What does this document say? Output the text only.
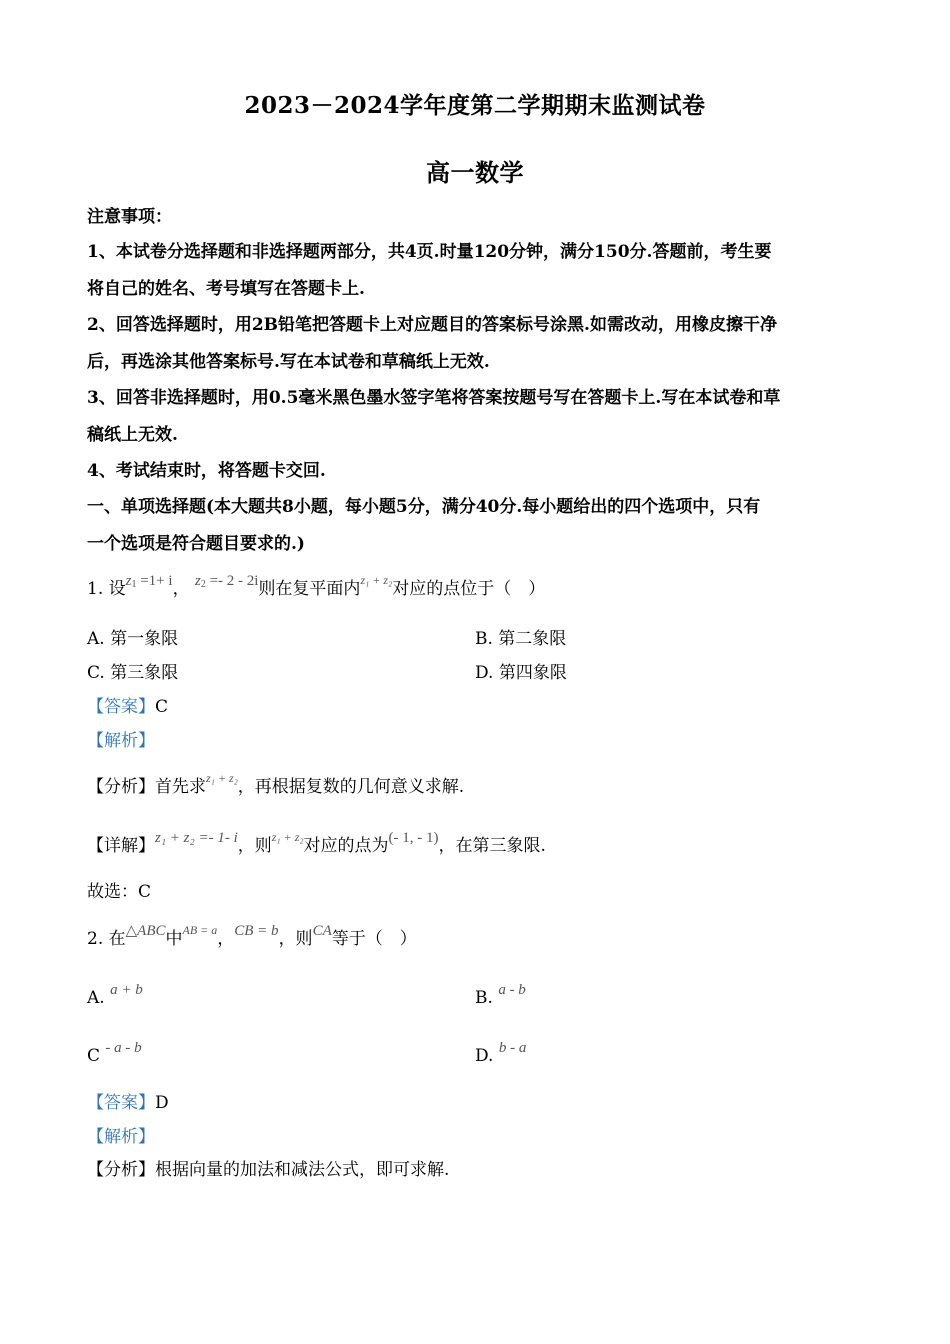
2023－2024学年度第二学期期末监测试卷
高一数学
注意事项：
1、本试卷分选择题和非选择题两部分，共4页.时量120分钟，满分150分.答题前，考生要
将自己的姓名、考号填写在答题卡上.
2、回答选择题时，用2B铅笔把答题卡上对应题目的答案标号涂黑.如需改动，用橡皮擦干净
后，再选涂其他答案标号.写在本试卷和草稿纸上无效.
3、回答非选择题时，用0.5毫米黑色墨水签字笔将答案按题号写在答题卡上.写在本试卷和草
稿纸上无效.
4、考试结束时，将答题卡交回.
一、单项选择题(本大题共8小题，每小题5分，满分40分.每小题给出的四个选项中，只有
一个选项是符合题目要求的.)
1. 设$z_1 =1+ i$， $z_2 =- 2 - 2i$则在复平面内$^{z_1 + z_2}$对应的点位于（　）
A. 第一象限	B. 第二象限
C. 第三象限	D. 第四象限
【答案】C
【解析】
【分析】首先求$^{z_1 + z_2}$，再根据复数的几何意义求解.
【详解】z₁ + z₂ =- 1- i，则$^{z_1 + z_2}$对应的点为(- 1, - 1)，在第三象限.
故选：C
2. 在△ABC中$^{AB = a}$，CB = b，则CA等于（　）
A. a + b	B. a - b
C - a - b	D. b - a
【答案】D
【解析】
【分析】根据向量的加法和减法公式，即可求解.
